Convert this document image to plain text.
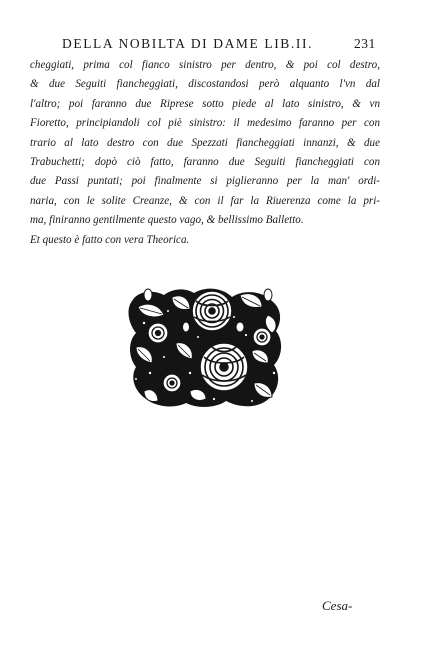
DELLA NOBILTA DI DAME LIB.II.	231
cheggiati, prima col fianco sinistro per dentro, & poi col destro,
& due Seguiti fiancheggiati, discostandosi però alquanto l'vn dal
l'altro; poi faranno due Riprese sotto piede al lato sinistro, & vn
Fioretto, principiandoli col piè sinistro: il medesimo faranno per con
trario al lato destro con due Spezzati fiancheggiati innanzi, & due
Trabuchetti; dopò ciò fatto, faranno due Seguiti fiancheggiati con
due Passi puntati; poi finalmente si piglieranno per la man' ordi-
naria, con le solite Creanze, & con il far la Riuerenza come la pri-
ma, finiranno gentilmente questo vago, & bellissimo Balletto.
Et questo è fatto con vera Theorica.
Cesa-
